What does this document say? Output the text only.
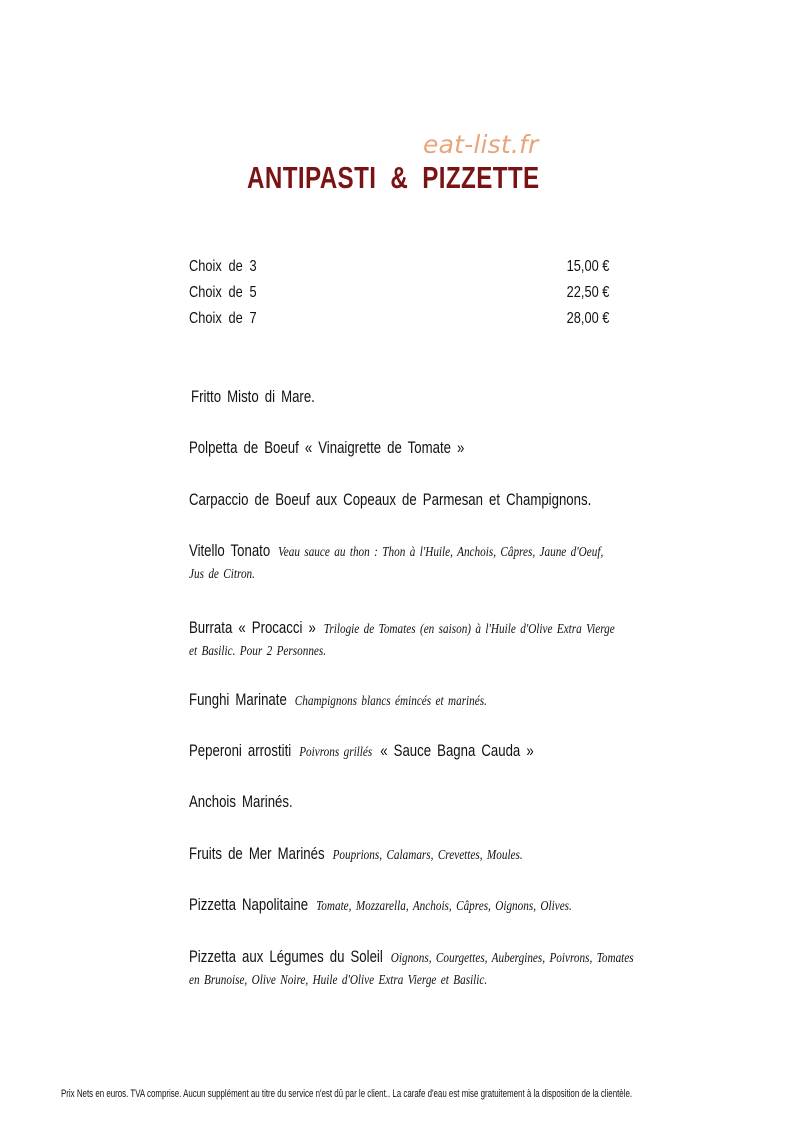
eat-list.fr
ANTIPASTI & PIZZETTE
Choix de 3	15,00 €
Choix de 5	22,50 €
Choix de 7	28,00 €
Fritto Misto di Mare.
Polpetta de Boeuf « Vinaigrette de Tomate »
Carpaccio de Boeuf aux Copeaux de Parmesan et Champignons.
Vitello Tonato Veau sauce au thon : Thon à l'Huile, Anchois, Câpres, Jaune d'Oeuf,
Jus de Citron.
Burrata « Procacci » Trilogie de Tomates (en saison) à l'Huile d'Olive Extra Vierge
et Basilic. Pour 2 Personnes.
Funghi Marinate Champignons blancs émincés et marinés.
Peperoni arrostiti Poivrons grillés « Sauce Bagna Cauda »
Anchois Marinés.
Fruits de Mer Marinés Pouprions, Calamars, Crevettes, Moules.
Pizzetta Napolitaine Tomate, Mozzarella, Anchois, Câpres, Oignons, Olives.
Pizzetta aux Légumes du Soleil Oignons, Courgettes, Aubergines, Poivrons, Tomates
en Brunoise, Olive Noire, Huile d'Olive Extra Vierge et Basilic.
Prix Nets en euros. TVA comprise. Aucun supplément au titre du service n'est dû par le client.. La carafe d'eau est mise gratuitement à la disposition de la clientèle.
